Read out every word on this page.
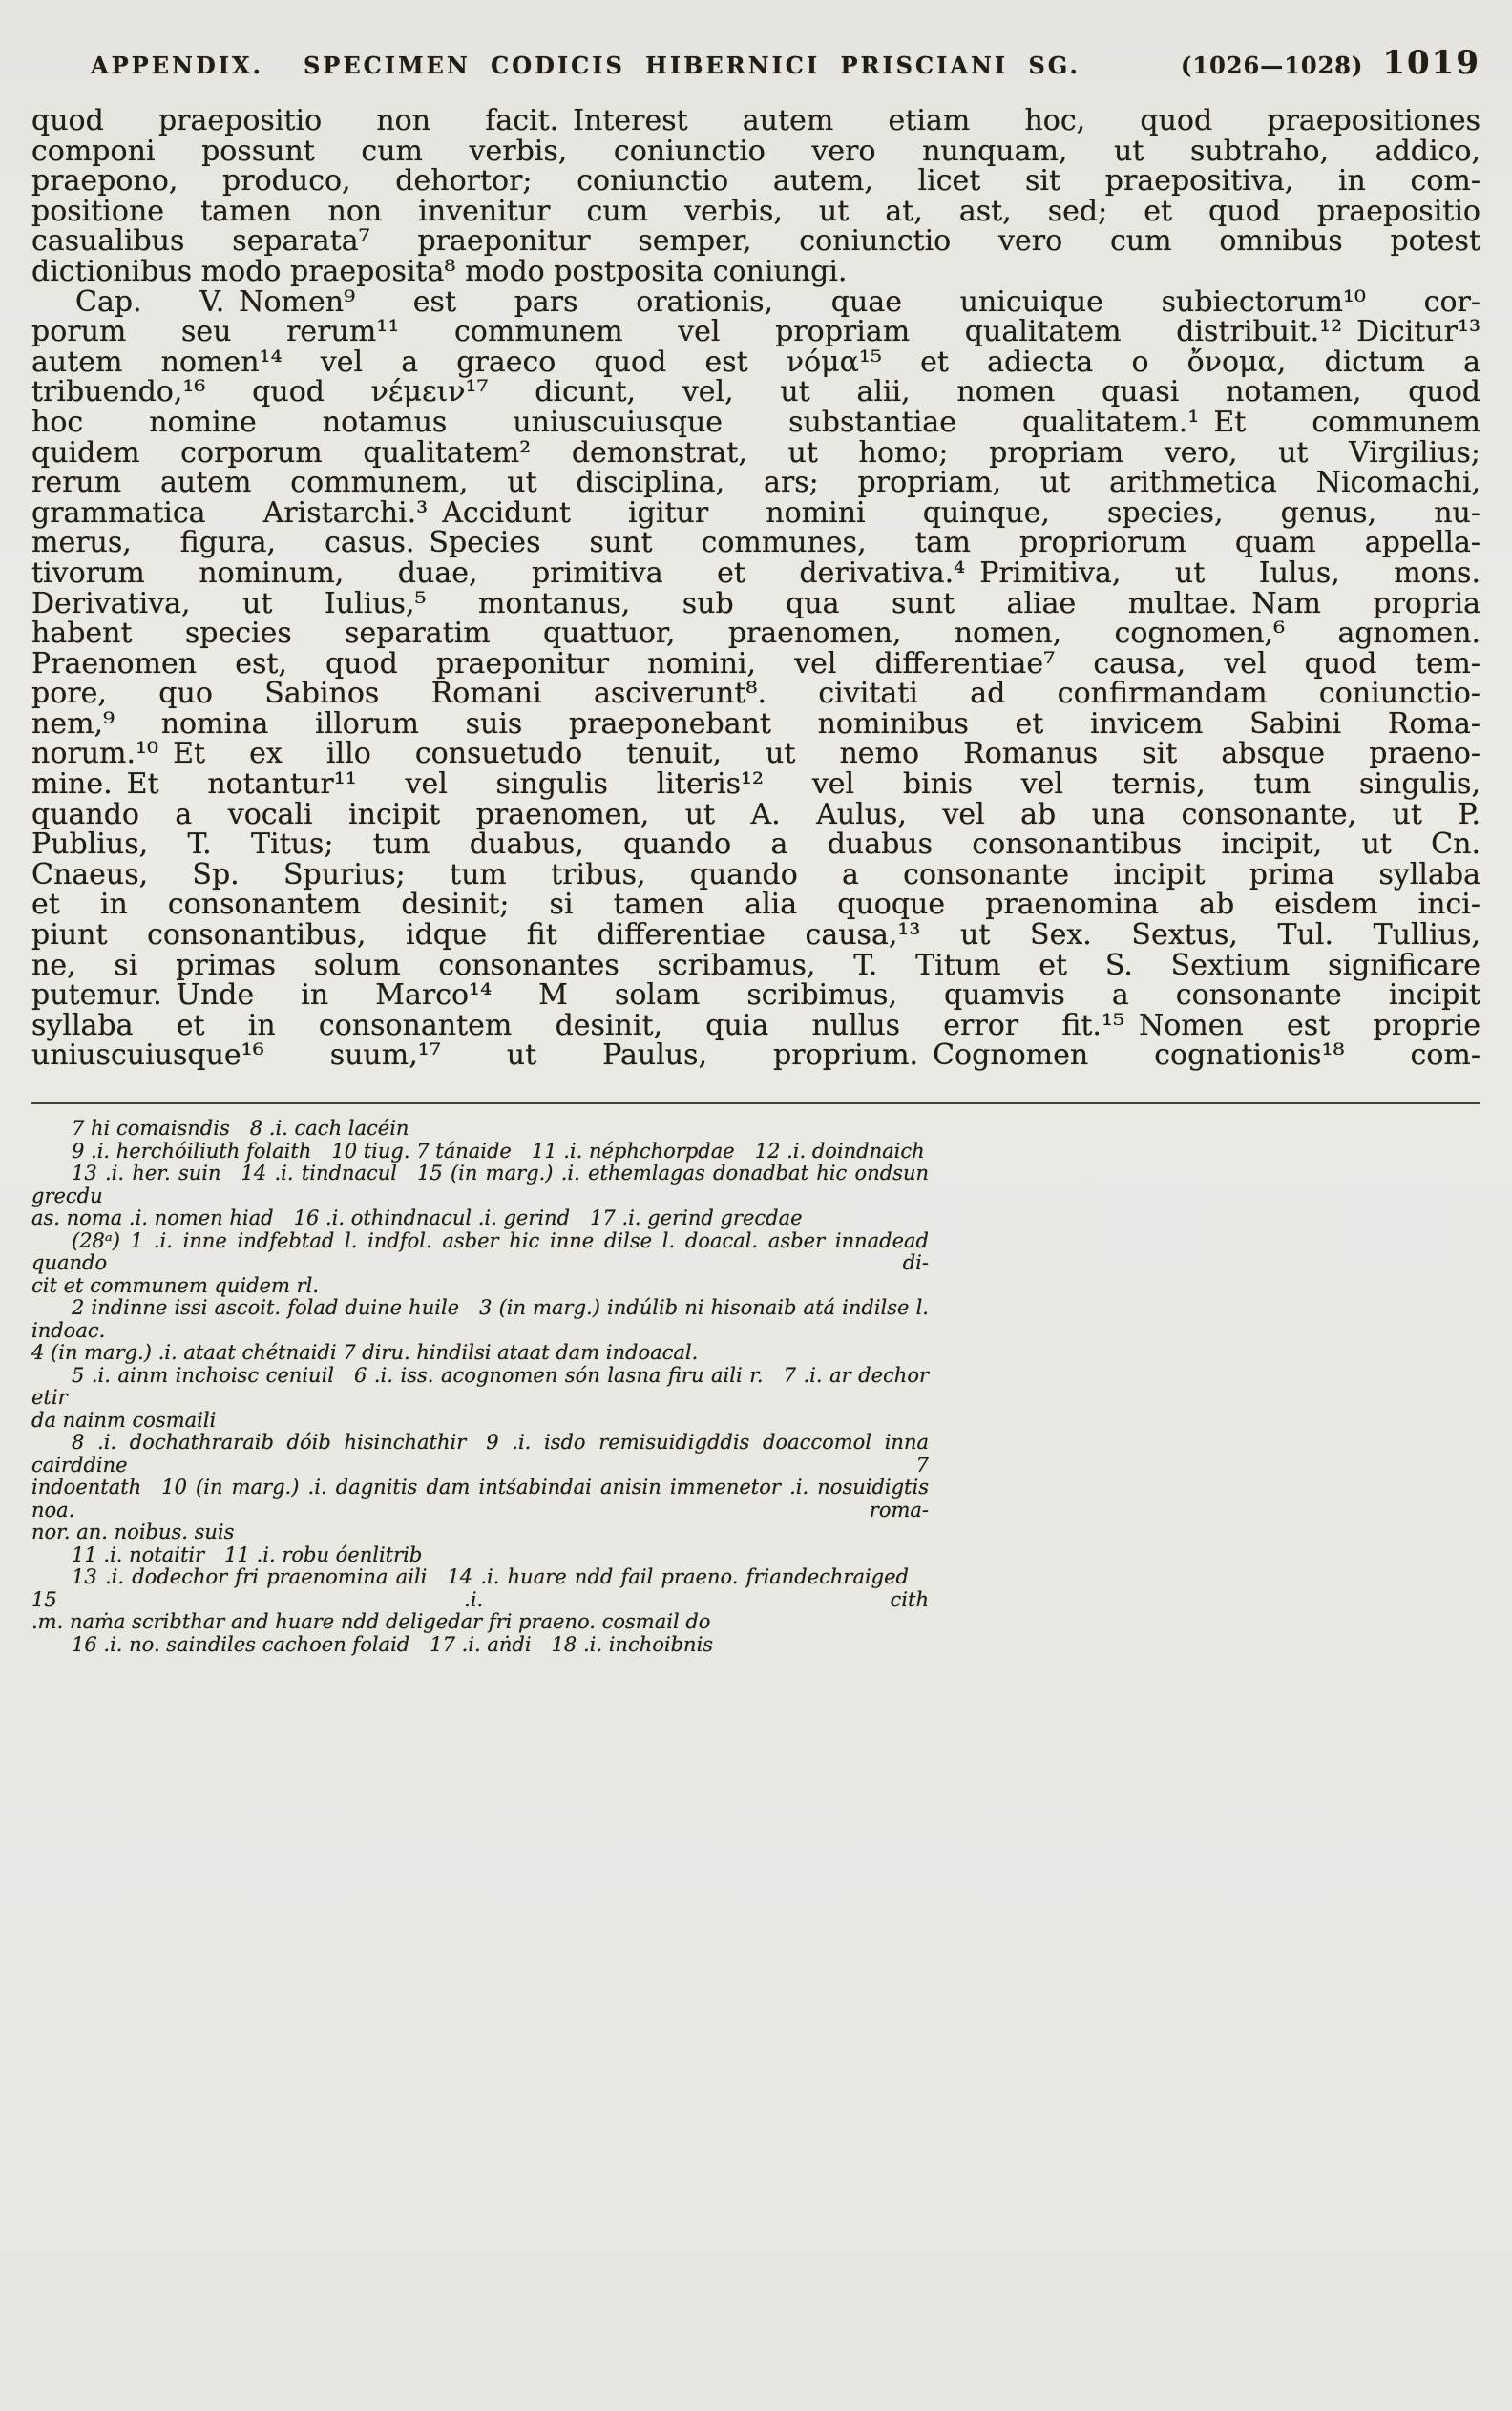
APPENDIX. SPECIMEN CODICIS HIBERNICI PRISCIANI SG.	(1026—1028) 1019
quod praepositio non facit. Interest autem etiam hoc, quod praepositiones
componi possunt cum verbis, coniunctio vero nunquam, ut subtraho, addico,
praepono, produco, dehortor; coniunctio autem, licet sit praepositiva, in com-
positione tamen non invenitur cum verbis, ut at, ast, sed; et quod praepositio
casualibus separata⁷ praeponitur semper, coniunctio vero cum omnibus potest
dictionibus modo praeposita⁸ modo postposita coniungi.
Cap. V. Nomen⁹ est pars orationis, quae unicuique subiectorum¹⁰ cor-
porum seu rerum¹¹ communem vel propriam qualitatem distribuit.¹² Dicitur¹³
autem nomen¹⁴ vel a graeco quod est νόμα¹⁵ et adiecta o ὄνομα, dictum a
tribuendo,¹⁶ quod νέμειν¹⁷ dicunt, vel, ut alii, nomen quasi notamen, quod
hoc nomine notamus uniuscuiusque substantiae qualitatem.¹ Et communem
quidem corporum qualitatem² demonstrat, ut homo; propriam vero, ut Virgilius;
rerum autem communem, ut disciplina, ars; propriam, ut arithmetica Nicomachi,
grammatica Aristarchi.³ Accidunt igitur nomini quinque, species, genus, nu-
merus, figura, casus. Species sunt communes, tam propriorum quam appella-
tivorum nominum, duae, primitiva et derivativa.⁴ Primitiva, ut Iulus, mons.
Derivativa, ut Iulius,⁵ montanus, sub qua sunt aliae multae. Nam propria
habent species separatim quattuor, praenomen, nomen, cognomen,⁶ agnomen.
Praenomen est, quod praeponitur nomini, vel differentiae⁷ causa, vel quod tem-
pore, quo Sabinos Romani asciverunt⁸. civitati ad confirmandam coniunctio-
nem,⁹ nomina illorum suis praeponebant nominibus et invicem Sabini Roma-
norum.¹⁰ Et ex illo consuetudo tenuit, ut nemo Romanus sit absque praeno-
mine. Et notantur¹¹ vel singulis literis¹² vel binis vel ternis, tum singulis,
quando a vocali incipit praenomen, ut A. Aulus, vel ab una consonante, ut P.
Publius, T. Titus; tum duabus, quando a duabus consonantibus incipit, ut Cn.
Cnaeus, Sp. Spurius; tum tribus, quando a consonante incipit prima syllaba
et in consonantem desinit; si tamen alia quoque praenomina ab eisdem inci-
piunt consonantibus, idque fit differentiae causa,¹³ ut Sex. Sextus, Tul. Tullius,
ne, si primas solum consonantes scribamus, T. Titum et S. Sextium significare
putemur. Unde in Marco¹⁴ M solam scribimus, quamvis a consonante incipit
syllaba et in consonantem desinit, quia nullus error fit.¹⁵ Nomen est proprie
uniuscuiusque¹⁶ suum,¹⁷ ut Paulus, proprium. Cognomen cognationis¹⁸ com-
7 hi comaisndis 8 .i. cach lacéin
9 .i. herchóiliuth folaith 10 tiug. 7 tánaide 11 .i. néphchorpdae 12 .i. doindnaich
13 .i. her. suin 14 .i. tindnacul 15 (in marg.) .i. ethemlagas donadbat hic ondsun grecdu
as. noma .i. nomen hiad 16 .i. othindnacul .i. gerind 17 .i. gerind grecdae
(28ᵃ) 1 .i. inne indfebtad l. indfol. asber hic inne dilse l. doacal. asber innadead quando di-
cit et communem quidem rl.
2 indinne issi ascoit. folad duine huile 3 (in marg.) indúlib ni hisonaib atá indilse l. indoac.
4 (in marg.) .i. ataat chétnaidi 7 diru. hindilsi ataat dam indoacal.
5 .i. ainm inchoisc ceniuil 6 .i. iss. acognomen són lasna firu aili r. 7 .i. ar dechor etir
da nainm cosmaili
8 .i. dochathraraib dóib hisinchathir 9 .i. isdo remisuidigddis doaccomol inna cairddine 7
indoentath 10 (in marg.) .i. dagnitis dam intśabindai anisin immenetor .i. nosuidigtis noa. roma-
nor. an. noibus. suis
11 .i. notaitir 11 .i. robu óenlitrib
13 .i. dodechor fri praenomina aili 14 .i. huare ndd fail praeno. friandechraiged 15 .i. cith
.m. naṁa scribthar and huare ndd deligedar fri praeno. cosmail do
16 .i. no. saindiles cachoen folaid 17 .i. aṅdi 18 .i. inchoibnis
